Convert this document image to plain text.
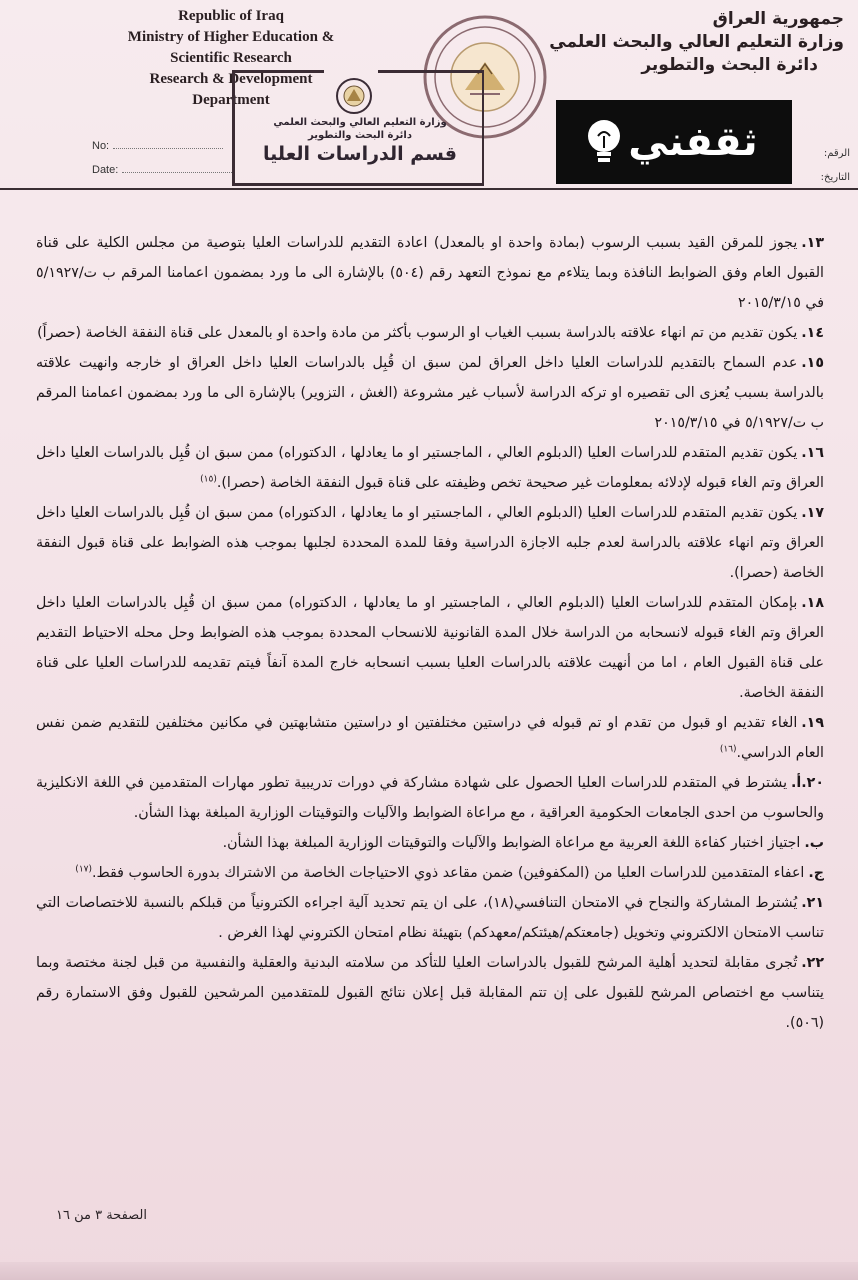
Republic of Iraq
Ministry of Higher Education &
Scientific Research
Research & Development
Department
جمهورية العراق
وزارة التعليم العالي والبحث العلمي
دائرة البحث والتطوير
وزارة التعليم العالي والبحث العلمي
دائرة البحث والتطوير
قسم الدراسات العليا
No:
Date:
الرقم:
التاريخ:
ثقفني

١٣.يجوز للمرقن القيد بسبب الرسوب (بمادة واحدة او بالمعدل) اعادة التقديم للدراسات العليا بتوصية من مجلس الكلية على قناة القبول العام وفق الضوابط النافذة وبما يتلاءم مع نموذج التعهد رقم (٥٠٤) بالإشارة الى ما ورد بمضمون اعمامنا المرقم ب ت/٥/١٩٢٧ في ٢٠١٥/٣/١٥

١٤.يكون تقديم من تم انهاء علاقته بالدراسة بسبب الغياب او الرسوب بأكثر من مادة واحدة او بالمعدل على قناة النفقة الخاصة (حصراً)

١٥.عدم السماح بالتقديم للدراسات العليا داخل العراق لمن سبق ان قُبِل بالدراسات العليا داخل العراق او خارجه وانهيت علاقته بالدراسة بسبب يُعزى الى تقصيره او تركه الدراسة لأسباب غير مشروعة (الغش ، التزوير) بالإشارة الى ما ورد بمضمون اعمامنا المرقم ب ت/٥/١٩٢٧ في ٢٠١٥/٣/١٥

١٦.يكون تقديم المتقدم للدراسات العليا (الدبلوم العالي ، الماجستير او ما يعادلها ، الدكتوراه) ممن سبق ان قُبِل بالدراسات العليا داخل العراق وتم الغاء قبوله لإدلائه بمعلومات غير صحيحة تخص وظيفته على قناة قبول النفقة الخاصة (حصرا).$^{(١٥)}$

١٧.يكون تقديم المتقدم للدراسات العليا (الدبلوم العالي ، الماجستير او ما يعادلها ، الدكتوراه) ممن سبق ان قُبِل بالدراسات العليا داخل العراق وتم انهاء علاقته بالدراسة لعدم جلبه الاجازة الدراسية وفقا للمدة المحددة لجلبها بموجب هذه الضوابط على قناة قبول النفقة الخاصة (حصرا).

١٨.بإمكان المتقدم للدراسات العليا (الدبلوم العالي ، الماجستير او ما يعادلها ، الدكتوراه) ممن سبق ان قُبِل بالدراسات العليا داخل العراق وتم الغاء قبوله لانسحابه من الدراسة خلال المدة القانونية للانسحاب المحددة بموجب هذه الضوابط وحل محله الاحتياط التقديم على قناة القبول العام ، اما من أنهيت علاقته بالدراسات العليا بسبب انسحابه خارج المدة آنفاً فيتم تقديمه للدراسات العليا على قناة النفقة الخاصة.

١٩.الغاء تقديم او قبول من تقدم او تم قبوله في دراستين مختلفتين او دراستين متشابهتين في مكانين مختلفين للتقديم ضمن نفس العام الدراسي.$^{(١٦)}$

٢٠.أ.يشترط في المتقدم للدراسات العليا الحصول على شهادة مشاركة في دورات تدريبية تطور مهارات المتقدمين في اللغة الانكليزية والحاسوب من احدى الجامعات الحكومية العراقية ، مع مراعاة الضوابط والآليات والتوقيتات الوزارية المبلغة بهذا الشأن.

ب.اجتياز اختبار كفاءة اللغة العربية مع مراعاة الضوابط والآليات والتوقيتات الوزارية المبلغة بهذا الشأن.

ج.اعفاء المتقدمين للدراسات العليا من (المكفوفين) ضمن مقاعد ذوي الاحتياجات الخاصة من الاشتراك بدورة الحاسوب فقط.$^{(١٧)}$

٢١.يُشترط المشاركة والنجاح في الامتحان التنافسي(١٨)، على ان يتم تحديد آلية اجراءه الكترونياً من قبلكم بالنسبة للاختصاصات التي تناسب الامتحان الالكتروني وتخويل (جامعتكم/هيئتكم/معهدكم) بتهيئة نظام امتحان الكتروني لهذا الغرض .

٢٢.تُجرى مقابلة لتحديد أهلية المرشح للقبول بالدراسات العليا للتأكد من سلامته البدنية والعقلية والنفسية من قبل لجنة مختصة وبما يتناسب مع اختصاص المرشح للقبول على إن تتم المقابلة قبل إعلان نتائج القبول للمتقدمين المرشحين للقبول وفق الاستمارة رقم (٥٠٦).

الصفحة ٣ من ١٦
